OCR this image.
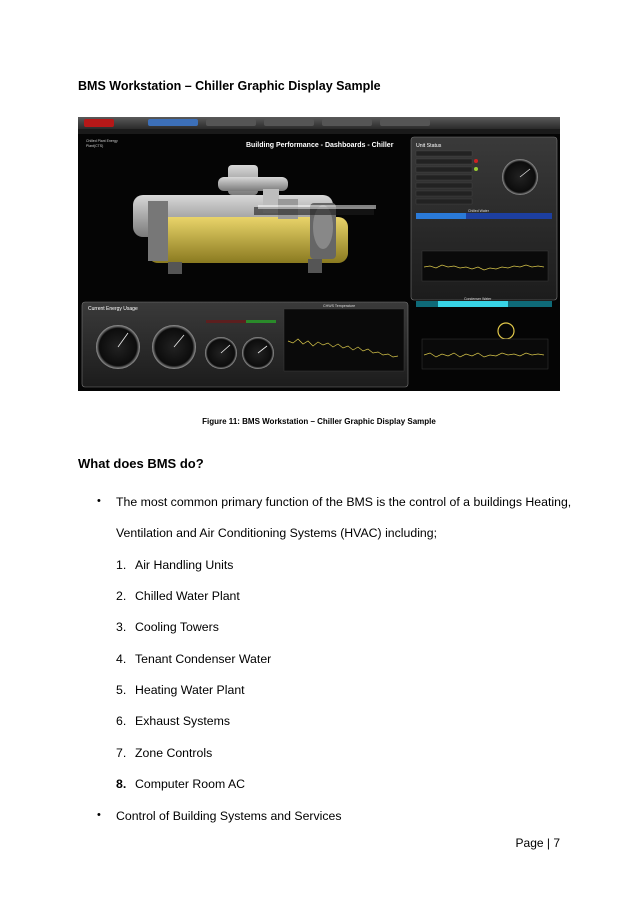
BMS Workstation – Chiller Graphic Display Sample
Building Performance - Dashboards - Chiller
Chilled Plant Energy
Plant(CTS)	Unit Status
Chilled Water
Condenser Water
Current Energy Usage	CHWS Temperature
Figure 11: BMS Workstation – Chiller Graphic Display Sample
What does BMS do?
• The most common primary function of the BMS is the control of a buildings Heating,
Ventilation and Air Conditioning Systems (HVAC) including;
1. Air Handling Units
2. Chilled Water Plant
3. Cooling Towers
4. Tenant Condenser Water
5. Heating Water Plant
6. Exhaust Systems
7. Zone Controls
8. Computer Room AC
• Control of Building Systems and Services
Page | 7
